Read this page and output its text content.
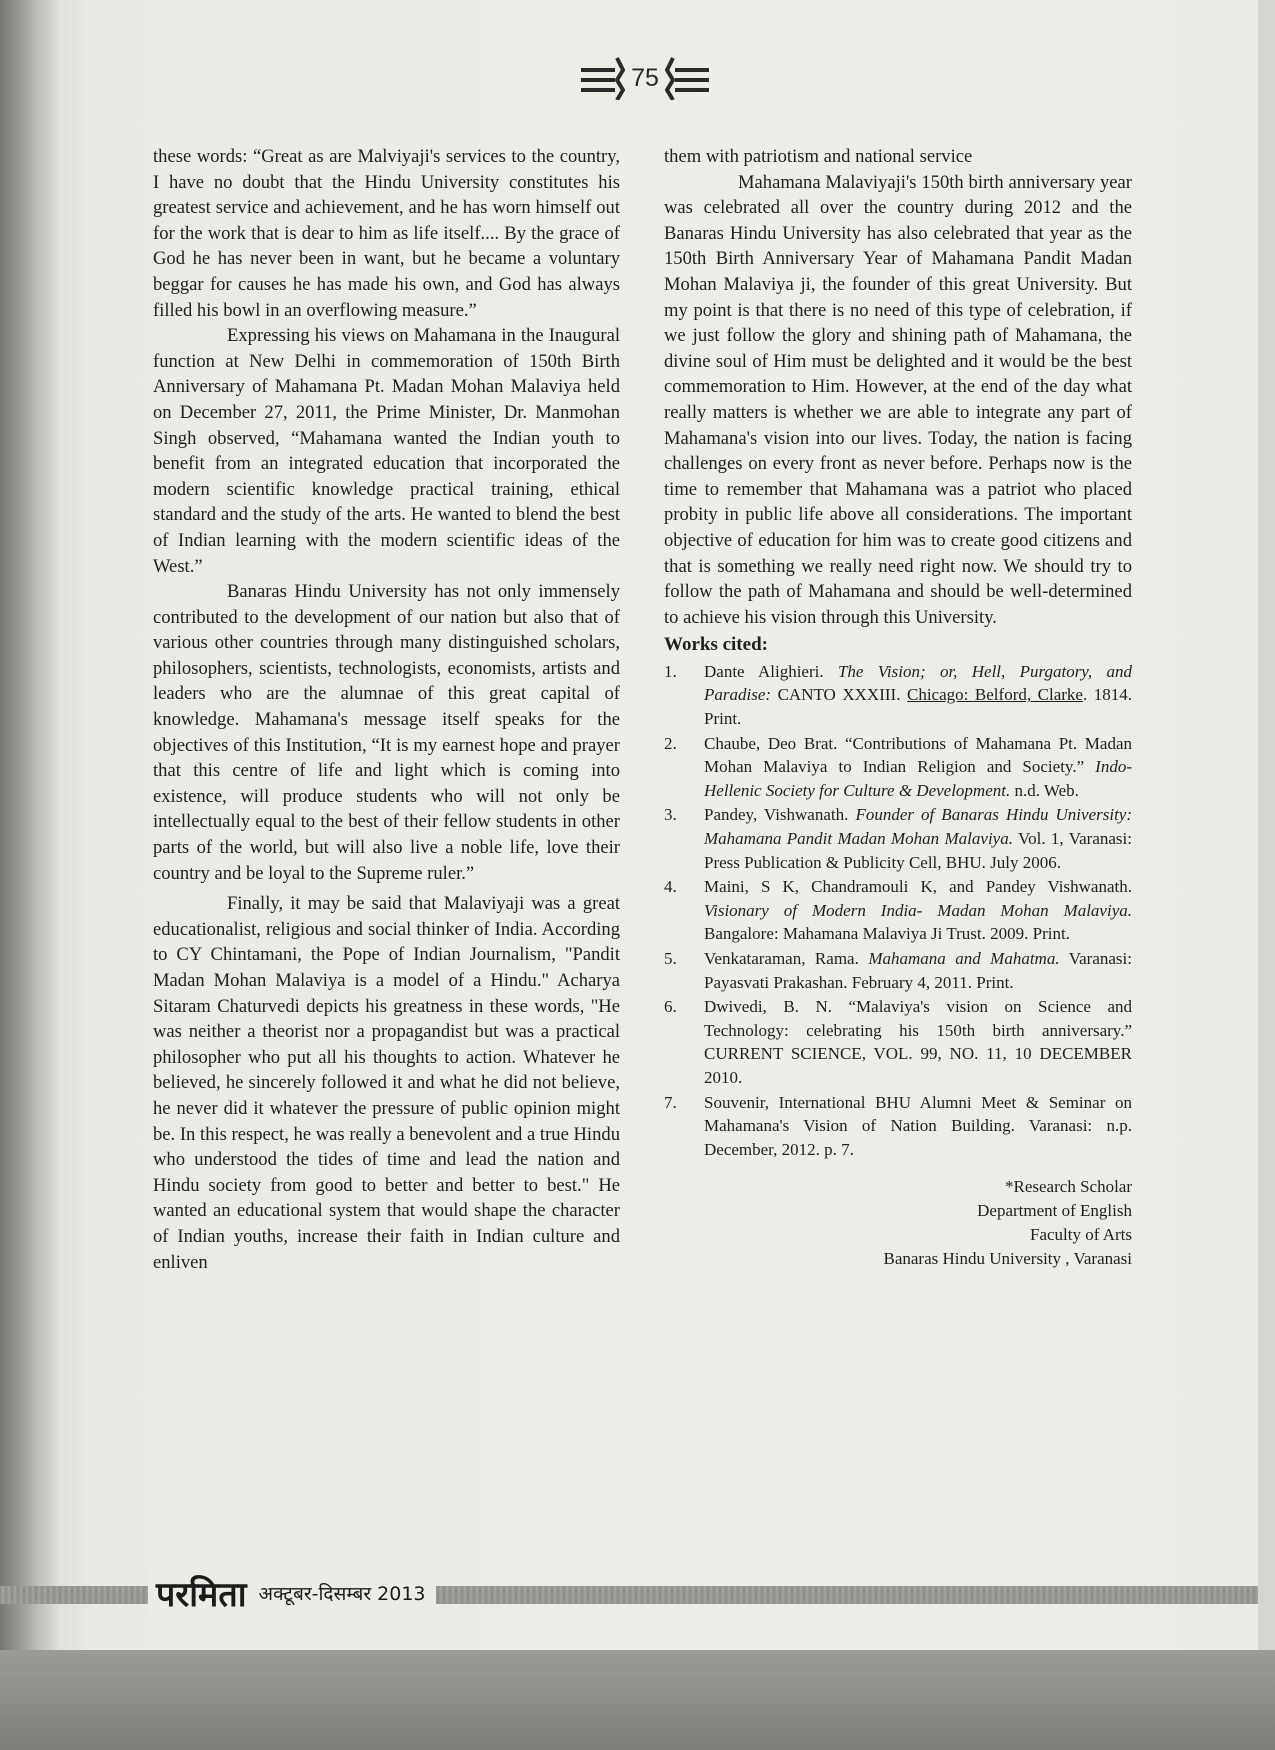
75

these words: “Great as are Malviyaji's services to the country, I have no doubt that the Hindu University constitutes his greatest service and achievement, and he has worn himself out for the work that is dear to him as life itself.... By the grace of God he has never been in want, but he became a voluntary beggar for causes he has made his own, and God has always filled his bowl in an overflowing measure.”

Expressing his views on Mahamana in the Inaugural function at New Delhi in commemoration of 150th Birth Anniversary of Mahamana Pt. Madan Mohan Malaviya held on December 27, 2011, the Prime Minister, Dr. Manmohan Singh observed, “Mahamana wanted the Indian youth to benefit from an integrated education that incorporated the modern scientific knowledge practical training, ethical standard and the study of the arts. He wanted to blend the best of Indian learning with the modern scientific ideas of the West.”

Banaras Hindu University has not only immensely contributed to the development of our nation but also that of various other countries through many distinguished scholars, philosophers, scientists, technologists, economists, artists and leaders who are the alumnae of this great capital of knowledge. Mahamana's message itself speaks for the objectives of this Institution, “It is my earnest hope and prayer that this centre of life and light which is coming into existence, will produce students who will not only be intellectually equal to the best of their fellow students in other parts of the world, but will also live a noble life, love their country and be loyal to the Supreme ruler.”

Finally, it may be said that Malaviyaji was a great educationalist, religious and social thinker of India. According to CY Chintamani, the Pope of Indian Journalism, "Pandit Madan Mohan Malaviya is a model of a Hindu." Acharya Sitaram Chaturvedi depicts his greatness in these words, "He was neither a theorist nor a propagandist but was a practical philosopher who put all his thoughts to action. Whatever he believed, he sincerely followed it and what he did not believe, he never did it whatever the pressure of public opinion might be. In this respect, he was really a benevolent and a true Hindu who understood the tides of time and lead the nation and Hindu society from good to better and better to best." He wanted an educational system that would shape the character of Indian youths, increase their faith in Indian culture and enliven

them with patriotism and national service

Mahamana Malaviyaji's 150th birth anniversary year was celebrated all over the country during 2012 and the Banaras Hindu University has also celebrated that year as the 150th Birth Anniversary Year of Mahamana Pandit Madan Mohan Malaviya ji, the founder of this great University. But my point is that there is no need of this type of celebration, if we just follow the glory and shining path of Mahamana, the divine soul of Him must be delighted and it would be the best commemoration to Him. However, at the end of the day what really matters is whether we are able to integrate any part of Mahamana's vision into our lives. Today, the nation is facing challenges on every front as never before. Perhaps now is the time to remember that Mahamana was a patriot who placed probity in public life above all considerations. The important objective of education for him was to create good citizens and that is something we really need right now. We should try to follow the path of Mahamana and should be well-determined to achieve his vision through this University.

Works cited:
1.	Dante Alighieri. The Vision; or, Hell, Purgatory, and Paradise: CANTO XXXIII. Chicago: Belford, Clarke. 1814. Print.
2.	Chaube, Deo Brat. “Contributions of Mahamana Pt. Madan Mohan Malaviya to Indian Religion and Society.” Indo-Hellenic Society for Culture & Development. n.d. Web.
3.	Pandey, Vishwanath. Founder of Banaras Hindu University: Mahamana Pandit Madan Mohan Malaviya. Vol. 1, Varanasi: Press Publication & Publicity Cell, BHU. July 2006.
4.	Maini, S K, Chandramouli K, and Pandey Vishwanath. Visionary of Modern India- Madan Mohan Malaviya. Bangalore: Mahamana Malaviya Ji Trust. 2009. Print.
5.	Venkataraman, Rama. Mahamana and Mahatma. Varanasi: Payasvati Prakashan. February 4, 2011. Print.
6.	Dwivedi, B. N. “Malaviya's vision on Science and Technology: celebrating his 150th birth anniversary.” CURRENT SCIENCE, VOL. 99, NO. 11, 10 DECEMBER 2010.
7.	Souvenir, International BHU Alumni Meet & Seminar on Mahamana's Vision of Nation Building. Varanasi: n.p. December, 2012. p. 7.
*Research Scholar
Department of English
Faculty of Arts
Banaras Hindu University , Varanasi
परमिता अक्टूबर-दिसम्बर 2013
